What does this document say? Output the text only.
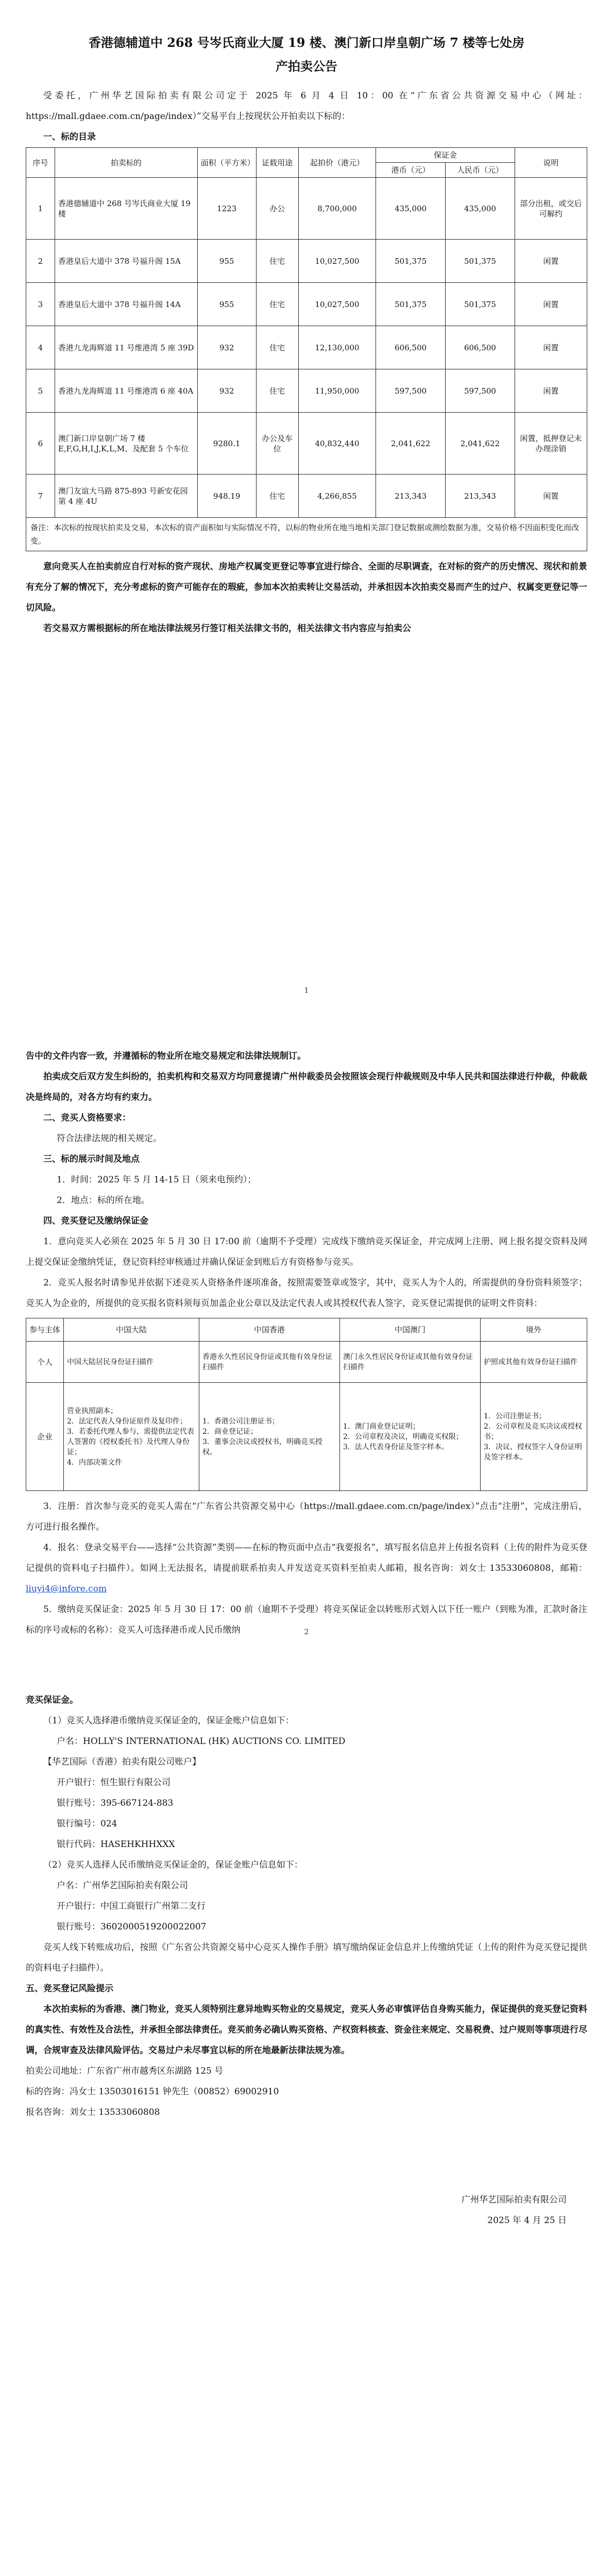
香港德辅道中 268 号岑氏商业大厦 19 楼、澳门新口岸皇朝广场 7 楼等七处房
产拍卖公告

受委托，广州华艺国际拍卖有限公司定于 2025 年 6 月 4 日 10：00 在“广东省公共资源交易中心（网址：https://mall.gdaee.com.cn/page/index）”交易平台上按现状公开拍卖以下标的：

一、标的目录

序号	拍卖标的	面积（平方米）	证载用途	起拍价（港元）	保证金		说明
					港币（元）	人民币（元）	
1	香港德辅道中 268 号岑氏商业大厦 19 楼	1223	办公	8,700,000	435,000	435,000	部分出租，或交后可解约
2	香港皇后大道中 378 号福升阁 15A	955	住宅	10,027,500	501,375	501,375	闲置
3	香港皇后大道中 378 号福升阁 14A	955	住宅	10,027,500	501,375	501,375	闲置
4	香港九龙海辉道 11 号维港湾 5 座 39D	932	住宅	12,130,000	606,500	606,500	闲置
5	香港九龙海辉道 11 号维港湾 6 座 40A	932	住宅	11,950,000	597,500	597,500	闲置
6	澳门新口岸皇朝广场 7 楼 E,F,G,H,I,J,K,L,M、及配套 5 个车位	9280.1	办公及车位	40,832,440	2,041,622	2,041,622	闲置，抵押登记未办理涂销
7	澳门友谊大马路 875-893 号新安花园第 4 座 4U	948.19	住宅	4,266,855	213,343	213,343	闲置
备注：本次标的按现状拍卖及交易，本次标的资产面积如与实际情况不符，以标的物业所在地当地相关部门登记数据或测绘数据为准，交易价格不因面积变化而改变。							

意向竞买人在拍卖前应自行对标的资产现状、房地产权属变更登记等事宜进行综合、全面的尽职调查，在对标的资产的历史情况、现状和前景有充分了解的情况下，充分考虑标的资产可能存在的瑕疵，参加本次拍卖转让交易活动，并承担因本次拍卖交易而产生的过户、权属变更登记等一切风险。

若交易双方需根据标的所在地法律法规另行签订相关法律文书的，相关法律文书内容应与拍卖公

1

告中的文件内容一致，并遵循标的物业所在地交易规定和法律法规制订。

拍卖成交后双方发生纠纷的，拍卖机构和交易双方均同意提请广州仲裁委员会按照该会现行仲裁规则及中华人民共和国法律进行仲裁，仲裁裁决是终局的，对各方均有约束力。

二、竞买人资格要求：

符合法律法规的相关规定。

三、标的展示时间及地点

1．时间：2025 年 5 月 14-15 日（须来电预约）；

2．地点：标的所在地。

四、竞买登记及缴纳保证金

1．意向竞买人必须在 2025 年 5 月 30 日 17:00 前（逾期不予受理）完成线下缴纳竞买保证金，并完成网上注册、网上报名提交资料及网上提交保证金缴纳凭证，登记资料经审核通过并确认保证金到账后方有资格参与竞买。

2．竞买人报名时请参见并依据下述竞买人资格条件逐项准备，按照需要签章或签字，其中，竞买人为个人的，所需提供的身份资料须签字；竞买人为企业的，所提供的竞买报名资料须每页加盖企业公章以及法定代表人或其授权代表人签字，竞买登记需提供的证明文件资料：

参与主体	中国大陆	中国香港	中国澳门	境外
个人	中国大陆居民身份证扫描件	香港永久性居民身份证或其他有效身份证扫描件	澳门永久性居民身份证或其他有效身份证扫描件	护照或其他有效身份证扫描件
企业	营业执照副本；
2．法定代表人身份证原件及复印件；
3．若委托代理人参与，需提供法定代表人签署的《授权委托书》及代理人身份证；
4．内部决策文件	1．香港公司注册证书；
2．商业登记证；
3．董事会决议或授权书，明确竞买授权。	1．澳门商业登记证明；
2．公司章程及决议，明确竞买权限；
3．法人代表身份证及签字样本。	1．公司注册证书；
2．公司章程及竞买决议或授权书；
3．决议、授权签字人身份证明及签字样本。

3．注册：首次参与竞买的竞买人需在“广东省公共资源交易中心（https://mall.gdaee.com.cn/page/index）”点击“注册”，完成注册后，方可进行报名操作。

4．报名：登录交易平台——选择“公共资源”类别——在标的物页面中点击“我要报名”，填写报名信息并上传报名资料（上传的附件为竞买登记提供的资料电子扫描件）。如网上无法报名，请提前联系拍卖人并发送竞买资料至拍卖人邮箱，报名咨询：刘女士 13533060808，邮箱：liuyi4@infore.com

5．缴纳竞买保证金：2025 年 5 月 30 日 17：00 前（逾期不予受理）将竞买保证金以转账形式划入以下任一账户（到账为准，汇款时备注标的序号或标的名称）：竞买人可选择港币或人民币缴纳	2

竞买保证金。

（1）竞买人选择港币缴纳竞买保证金的，保证金账户信息如下：

户名：HOLLY'S INTERNATIONAL (HK) AUCTIONS CO. LIMITED

【华艺国际（香港）拍卖有限公司账户】

开户银行：恒生银行有限公司

银行账号：395-667124-883

银行编号：024

银行代码：HASEHKHHXXX

（2）竞买人选择人民币缴纳竞买保证金的，保证金账户信息如下：

户名：广州华艺国际拍卖有限公司

开户银行：中国工商银行广州第二支行

银行账号：3602000519200022007

竞买人线下转账成功后，按照《广东省公共资源交易中心竞买人操作手册》填写缴纳保证金信息并上传缴纳凭证（上传的附件为竞买登记提供的资料电子扫描件）。

五、竞买登记风险提示

本次拍卖标的为香港、澳门物业，竞买人须特别注意异地购买物业的交易规定，竞买人务必审慎评估自身购买能力，保证提供的竞买登记资料的真实性、有效性及合法性，并承担全部法律责任。竞买前务必确认购买资格、产权资料核查、资金往来规定、交易税费、过户规则等事项进行尽调，合规审查及法律风险评估。交易过户未尽事宜以标的所在地最新法律法规为准。

拍卖公司地址：广东省广州市越秀区东湖路 125 号

标的咨询：冯女士 13503016151 钟先生（00852）69002910

报名咨询：刘女士 13533060808

广州华艺国际拍卖有限公司

2025 年 4 月 25 日
